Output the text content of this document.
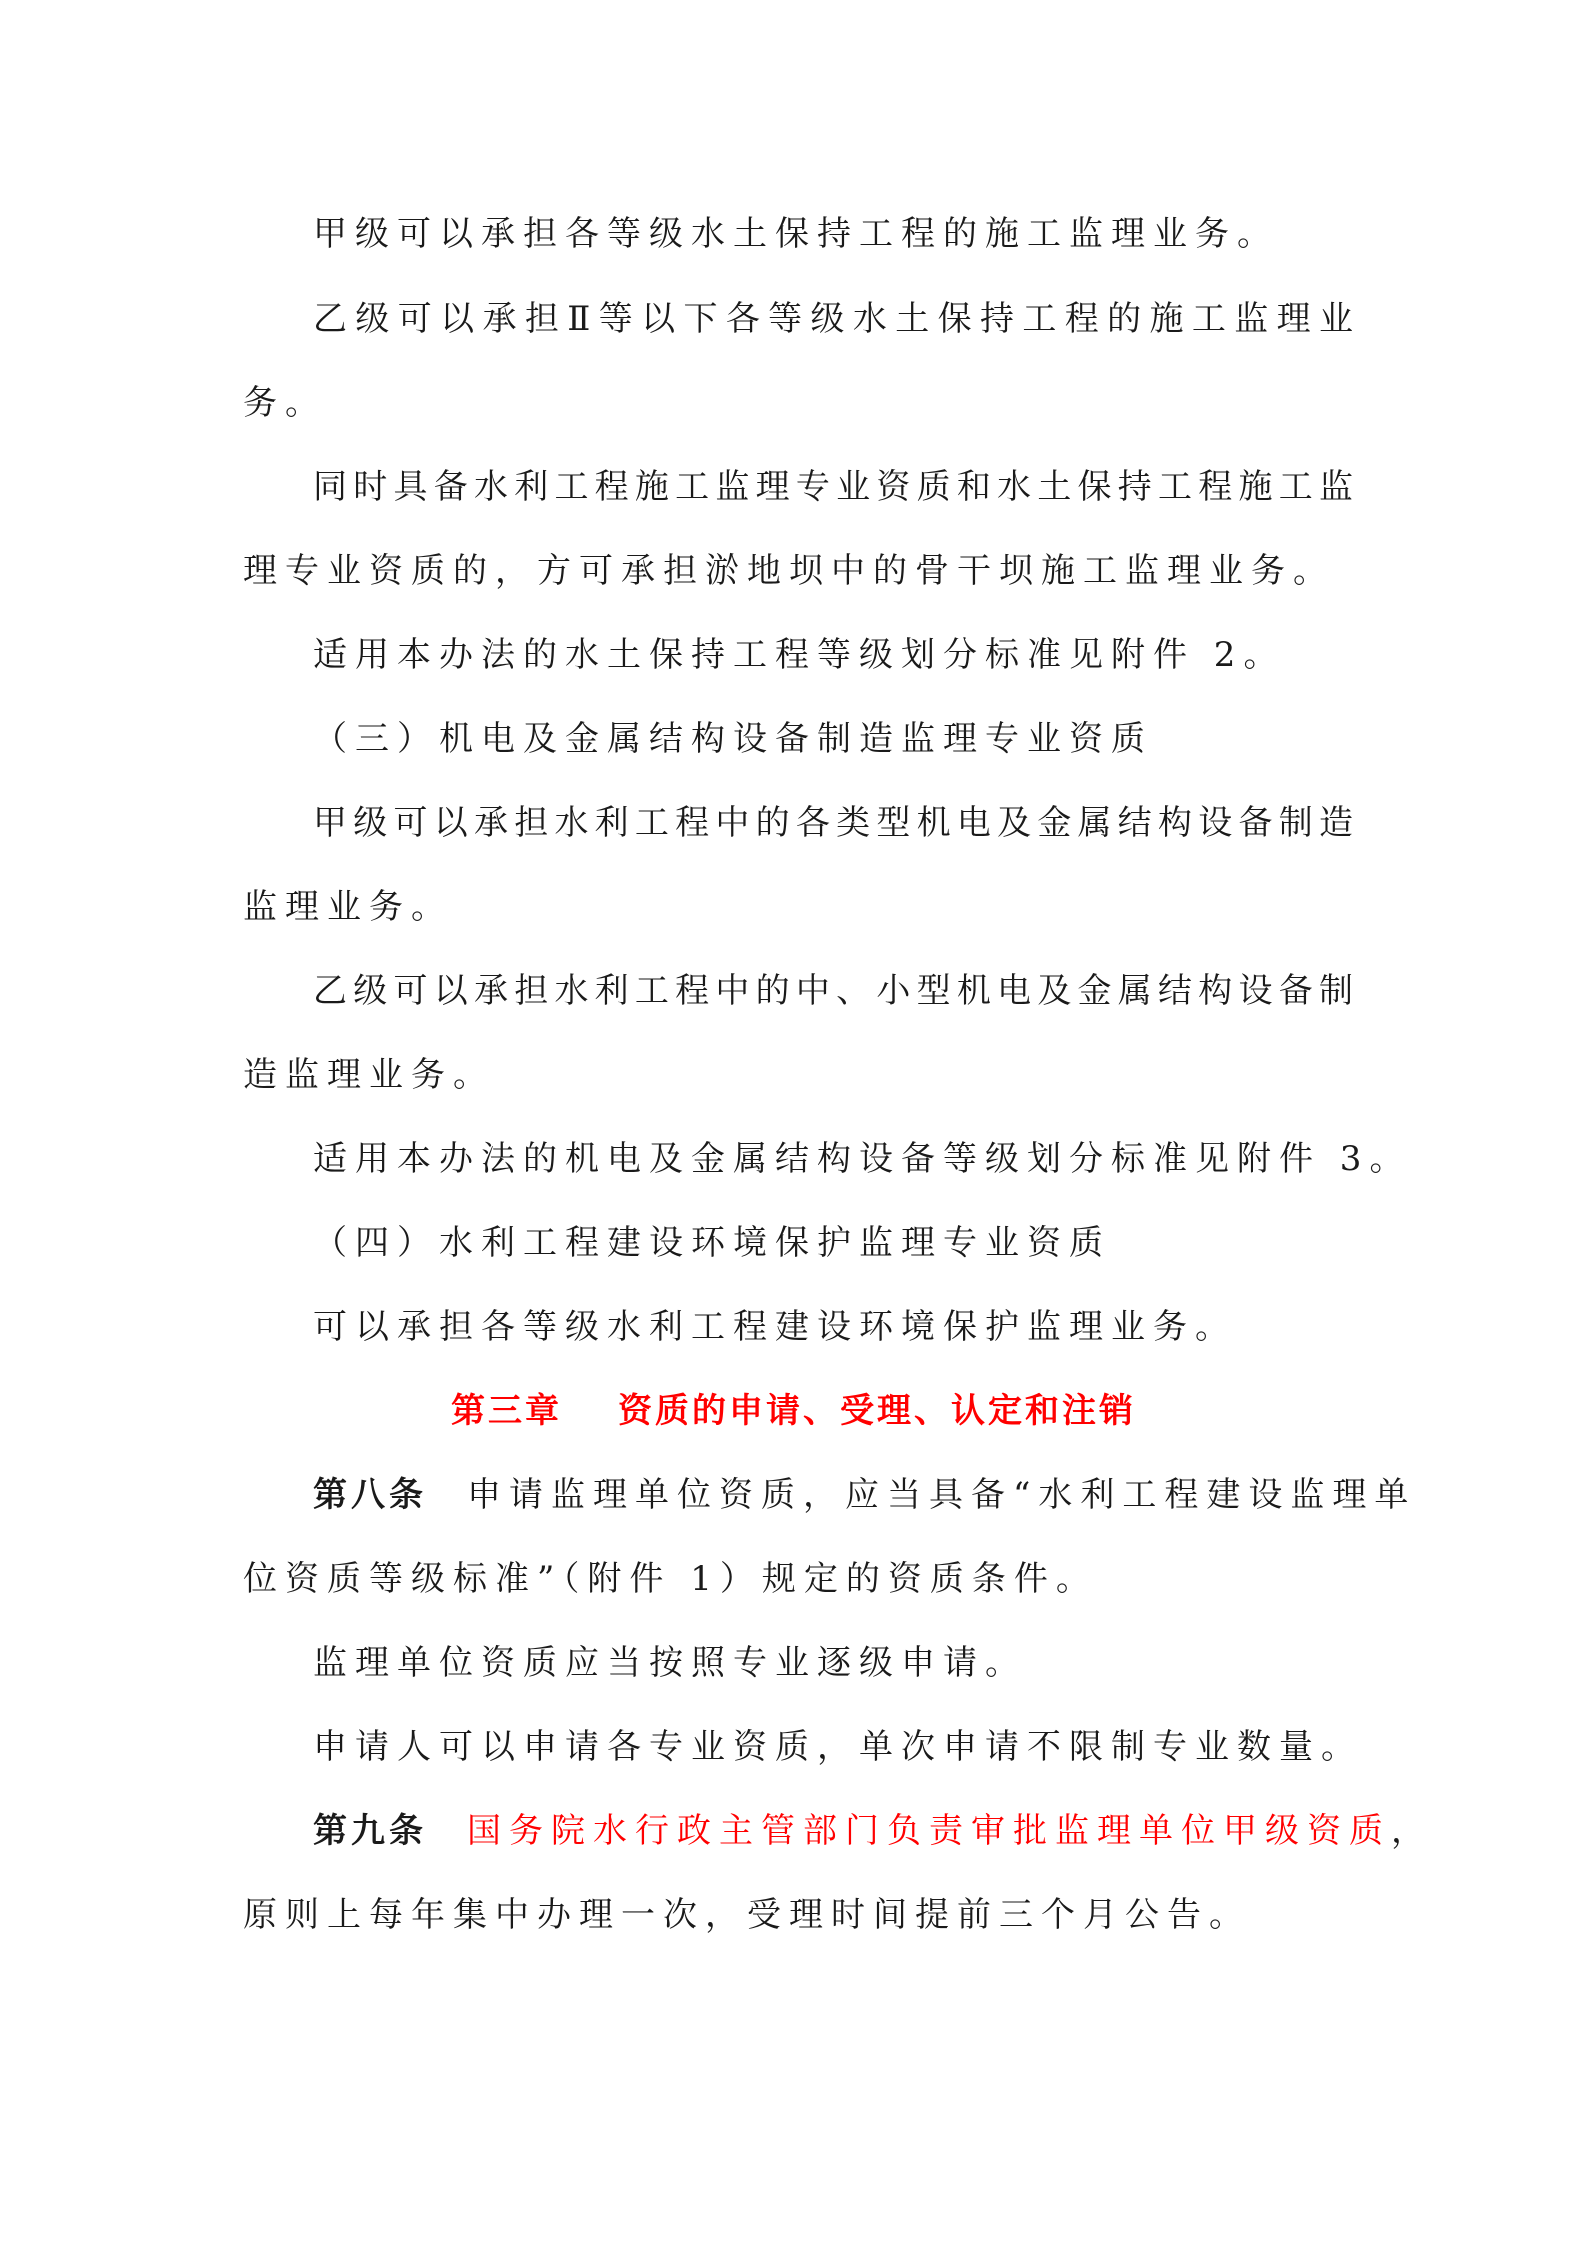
甲级可以承担各等级水土保持工程的施工监理业务。
乙级可以承担Ⅱ等以下各等级水土保持工程的施工监理业
务。
同时具备水利工程施工监理专业资质和水土保持工程施工监
理专业资质的，方可承担淤地坝中的骨干坝施工监理业务。
适用本办法的水土保持工程等级划分标准见附件 2。
（三）机电及金属结构设备制造监理专业资质
甲级可以承担水利工程中的各类型机电及金属结构设备制造
监理业务。
乙级可以承担水利工程中的中、小型机电及金属结构设备制
造监理业务。
适用本办法的机电及金属结构设备等级划分标准见附件 3。
（四）水利工程建设环境保护监理专业资质
可以承担各等级水利工程建设环境保护监理业务。
第三章 资质的申请、受理、认定和注销
第八条 申请监理单位资质，应当具备“水利工程建设监理单
位资质等级标准”（附件 1）规定的资质条件。
监理单位资质应当按照专业逐级申请。
申请人可以申请各专业资质，单次申请不限制专业数量。
第九条 国务院水行政主管部门负责审批监理单位甲级资质，
原则上每年集中办理一次，受理时间提前三个月公告。
